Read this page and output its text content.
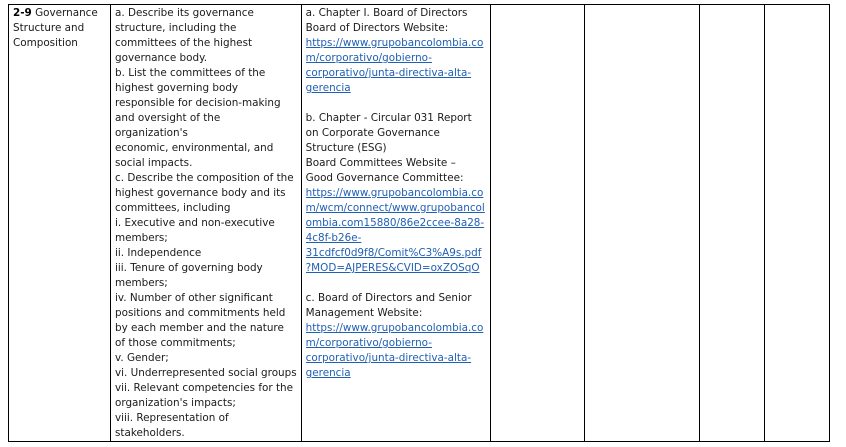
2-9 Governance
Structure and
Composition

a. Describe its governance
structure, including the
committees of the highest
governance body.
b. List the committees of the
highest governing body
responsible for decision-making
and oversight of the
organization's
economic, environmental, and
social impacts.
c. Describe the composition of the
highest governance body and its
committees, including
i. Executive and non-executive
members;
ii. Independence
iii. Tenure of governing body
members;
iv. Number of other significant
positions and commitments held
by each member and the nature
of those commitments;
v. Gender;
vi. Underrepresented social groups
vii. Relevant competencies for the
organization's impacts;
viii. Representation of
stakeholders.

a. Chapter I. Board of Directors
Board of Directors Website:
https://www.grupobancolombia.co
m/corporativo/gobierno-
corporativo/junta-directiva-alta-
gerencia
b. Chapter - Circular 031 Report
on Corporate Governance
Structure (ESG)
Board Committees Website –
Good Governance Committee:
https://www.grupobancolombia.co
m/wcm/connect/www.grupobancol
ombia.com15880/86e2ccee-8a28-
4c8f-b26e-
31cdfcf0d9f8/Comit%C3%A9s.pdf
?MOD=AJPERES&CVID=oxZOSqO
c. Board of Directors and Senior
Management Website:
https://www.grupobancolombia.co
m/corporativo/gobierno-
corporativo/junta-directiva-alta-
gerencia
